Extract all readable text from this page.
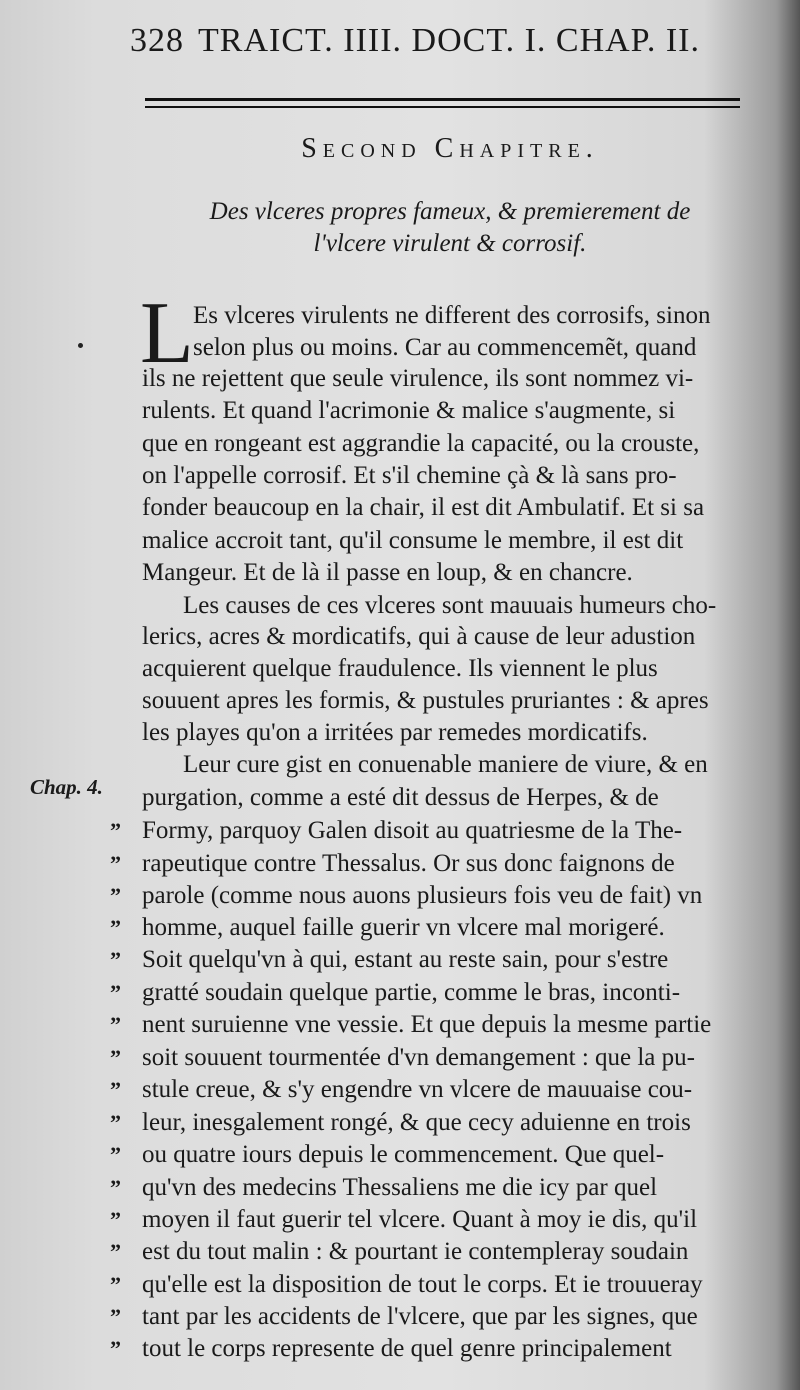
328 TRAICT. IIII. DOCT. I. CHAP. II.
Second Chapitre.
Des vlceres propres fameux, & premierement de
l'vlcere virulent & corrosif.
L
Chap. 4.
Es vlceres virulents ne different des corrosifs, sinon
selon plus ou moins. Car au commencemẽt, quand
ils ne rejettent que seule virulence, ils sont nommez vi-
rulents. Et quand l'acrimonie & malice s'augmente, si
que en rongeant est aggrandie la capacité, ou la crouste,
on l'appelle corrosif. Et s'il chemine çà & là sans pro-
fonder beaucoup en la chair, il est dit Ambulatif. Et si sa
malice accroit tant, qu'il consume le membre, il est dit
Mangeur. Et de là il passe en loup, & en chancre.
Les causes de ces vlceres sont mauuais humeurs cho-
lerics, acres & mordicatifs, qui à cause de leur adustion
acquierent quelque fraudulence. Ils viennent le plus
souuent apres les formis, & pustules pruriantes : & apres
les playes qu'on a irritées par remedes mordicatifs.
Leur cure gist en conuenable maniere de viure, & en
purgation, comme a esté dit dessus de Herpes, & de
Formy, parquoy Galen disoit au quatriesme de la The-
”
rapeutique contre Thessalus. Or sus donc faignons de
”
parole (comme nous auons plusieurs fois veu de fait) vn
”
homme, auquel faille guerir vn vlcere mal morigeré.
”
Soit quelqu'vn à qui, estant au reste sain, pour s'estre
”
gratté soudain quelque partie, comme le bras, inconti-
”
nent suruienne vne vessie. Et que depuis la mesme partie
”
soit souuent tourmentée d'vn demangement : que la pu-
”
stule creue, & s'y engendre vn vlcere de mauuaise cou-
”
leur, inesgalement rongé, & que cecy aduienne en trois
”
ou quatre iours depuis le commencement. Que quel-
”
qu'vn des medecins Thessaliens me die icy par quel
”
moyen il faut guerir tel vlcere. Quant à moy ie dis, qu'il
”
est du tout malin : & pourtant ie contempleray soudain
”
qu'elle est la disposition de tout le corps. Et ie trouueray
”
tant par les accidents de l'vlcere, que par les signes, que
”
tout le corps represente de quel genre principalement
”
